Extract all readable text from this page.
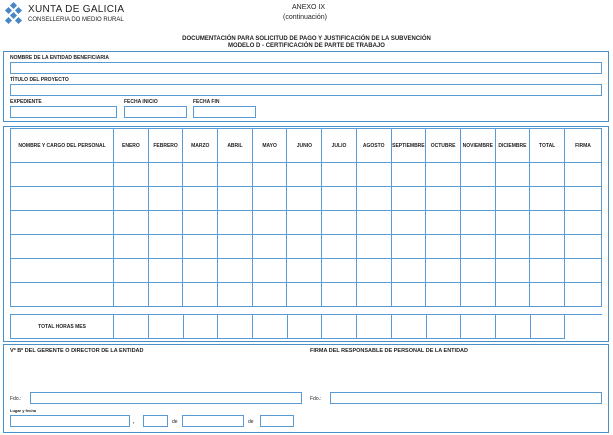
XUNTA DE GALICIA
CONSELLERIA DO MEDIO RURAL
ANEXO IX
(continuación)
DOCUMENTACIÓN PARA SOLICITUD DE PAGO Y JUSTIFICACIÓN DE LA SUBVENCIÓN
MODELO D - CERTIFICACIÓN DE PARTE DE TRABAJO
NOMBRE DE LA ENTIDAD BENEFICIARIA
TÍTULO DEL PROYECTO
EXPEDIENTE	FECHA INICIO	FECHA FIN
NOMBRE Y CARGO DEL PERSONAL	ENERO	FEBRERO	MARZO	ABRIL	MAYO	JUNIO	JULIO	AGOSTO	SEPTIEMBRE	OCTUBRE	NOVIEMBRE	DICIEMBRE	TOTAL	FIRMA

TOTAL HORAS MES														
Vº Bº DEL GERENTE O DIRECTOR DE LA ENTIDAD	FIRMA DEL RESPONSABLE DE PERSONAL DE LA ENTIDAD
Fdo.:	Fdo.:
Lugar y fecha
,	de	de
